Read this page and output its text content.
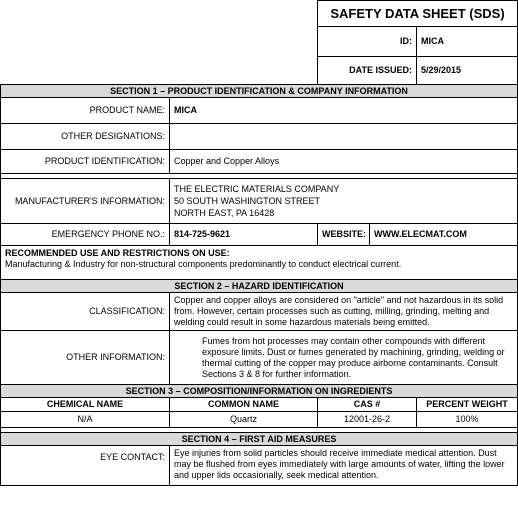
		SAFETY DATA SHEET (SDS)		
		ID:		MICA
		DATE ISSUED:		5/29/2015
SECTION 1 – PRODUCT IDENTIFICATION & COMPANY INFORMATION				
PRODUCT NAME:	MICA			
OTHER DESIGNATIONS:				
PRODUCT IDENTIFICATION:	Copper and Copper Alloys			

MANUFACTURER'S INFORMATION:	THE ELECTRIC MATERIALS COMPANY
50 SOUTH WASHINGTON STREET
NORTH EAST, PA 16428			

EMERGENCY PHONE NO.:	814-725-9621	WEBSITE:	WWW.ELECMAT.COM	

RECOMMENDED USE AND RESTRICTIONS ON USE:
Manufacturing & Industry for non-structural components predominantly to conduct electrical current.				

SECTION 2 – HAZARD IDENTIFICATION				
CLASSIFICATION:	Copper and copper alloys are considered on "article" and not hazardous in its solid from. However, certain processes such as cutting, milling, grinding, melting and welding could result in some hazardous materials being emitted.			
OTHER INFORMATION:	Fumes from hot processes may contain other compounds with different exposure limits. Dust or fumes generated by machining, grinding, welding or thermal cutting of the copper may produce airborne contaminants. Consult Sections 3 & 8 for further information.			
SECTION 3 – COMPOSITION/INFORMATION ON INGREDIENTS				
CHEMICAL NAME	COMMON NAME	CAS #		PERCENT WEIGHT
N/A	Quartz	12001-26-2		100%

SECTION 4 – FIRST AID MEASURES				
EYE CONTACT:	Eye injuries from solid particles should receive immediate medical attention. Dust may be flushed from eyes immediately with large amounts of water, lifting the lower and upper lids occasionally, seek medical attention.			
